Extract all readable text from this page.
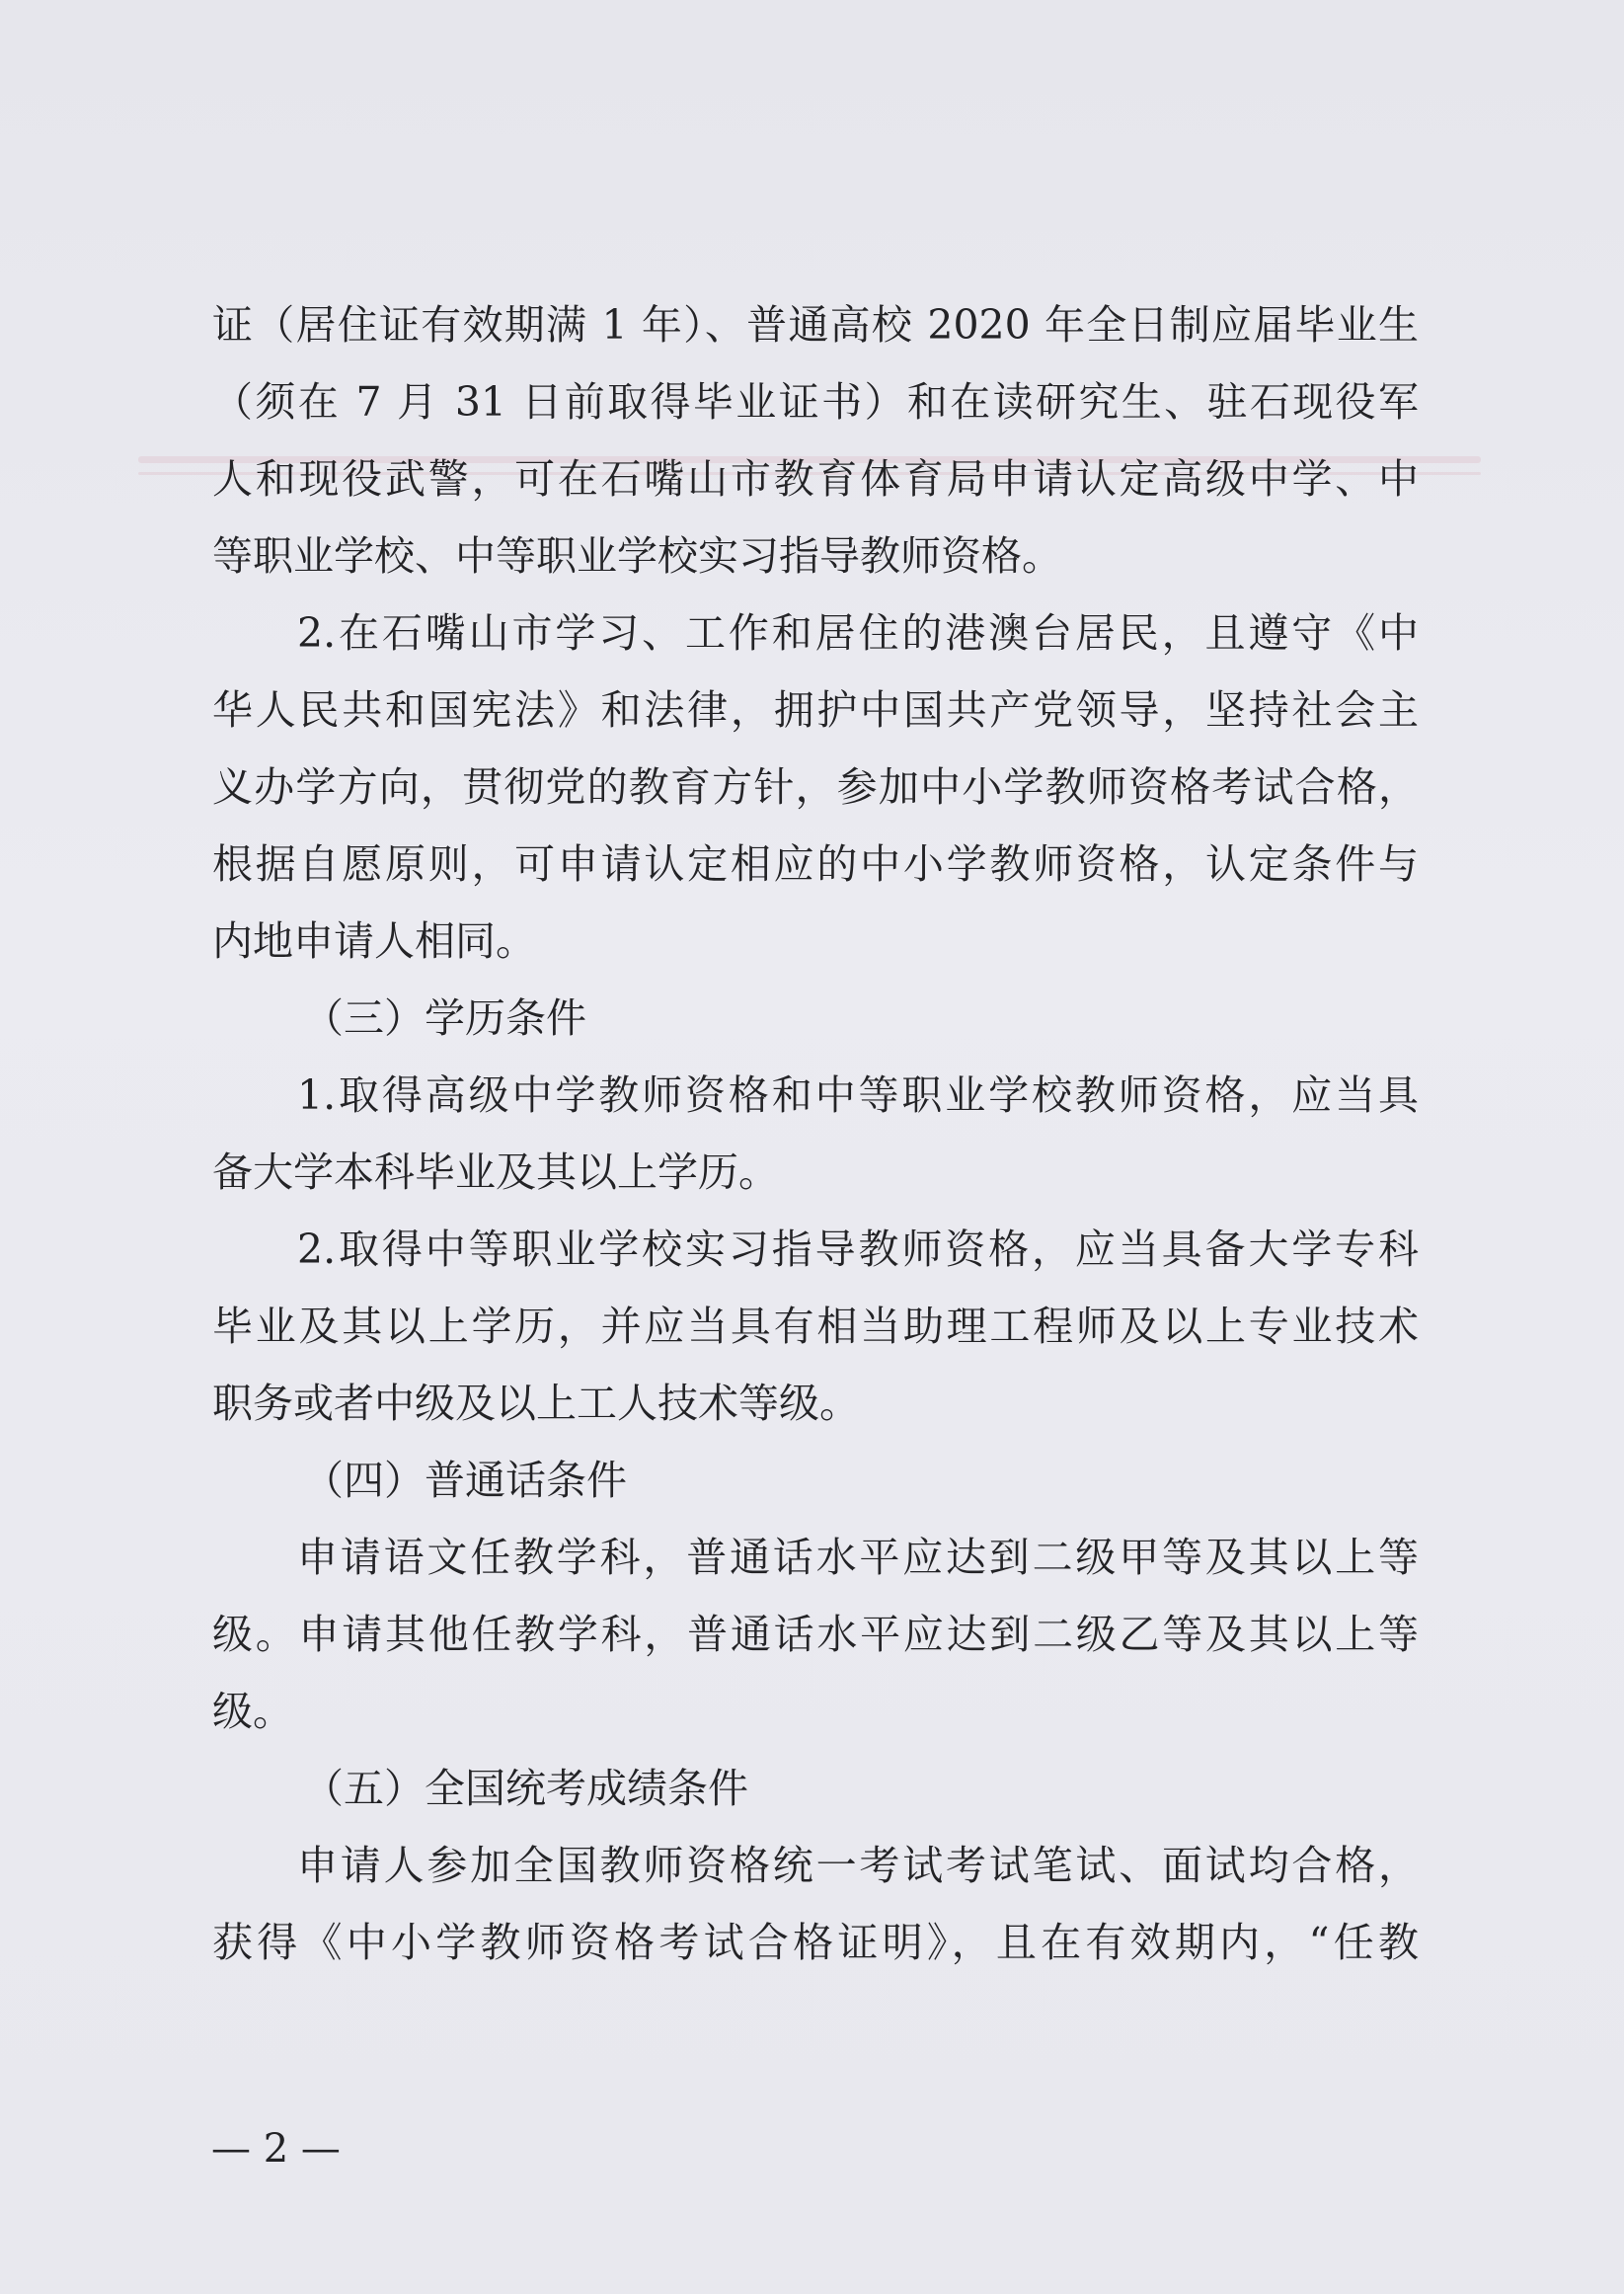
证（居住证有效期满 1 年）、普通高校 2020 年全日制应届毕业生
（须在 7 月 31 日前取得毕业证书）和在读研究生、驻石现役军
人和现役武警，可在石嘴山市教育体育局申请认定高级中学、中
等职业学校、中等职业学校实习指导教师资格。
2.在石嘴山市学习、工作和居住的港澳台居民，且遵守《中
华人民共和国宪法》和法律，拥护中国共产党领导，坚持社会主
义办学方向，贯彻党的教育方针，参加中小学教师资格考试合格，
根据自愿原则，可申请认定相应的中小学教师资格，认定条件与
内地申请人相同。
（三）学历条件
1.取得高级中学教师资格和中等职业学校教师资格，应当具
备大学本科毕业及其以上学历。
2.取得中等职业学校实习指导教师资格，应当具备大学专科
毕业及其以上学历，并应当具有相当助理工程师及以上专业技术
职务或者中级及以上工人技术等级。
（四）普通话条件
申请语文任教学科，普通话水平应达到二级甲等及其以上等
级。申请其他任教学科，普通话水平应达到二级乙等及其以上等
级。
（五）全国统考成绩条件
申请人参加全国教师资格统一考试考试笔试、面试均合格，
获得《中小学教师资格考试合格证明》，且在有效期内，“任教
— 2 —
